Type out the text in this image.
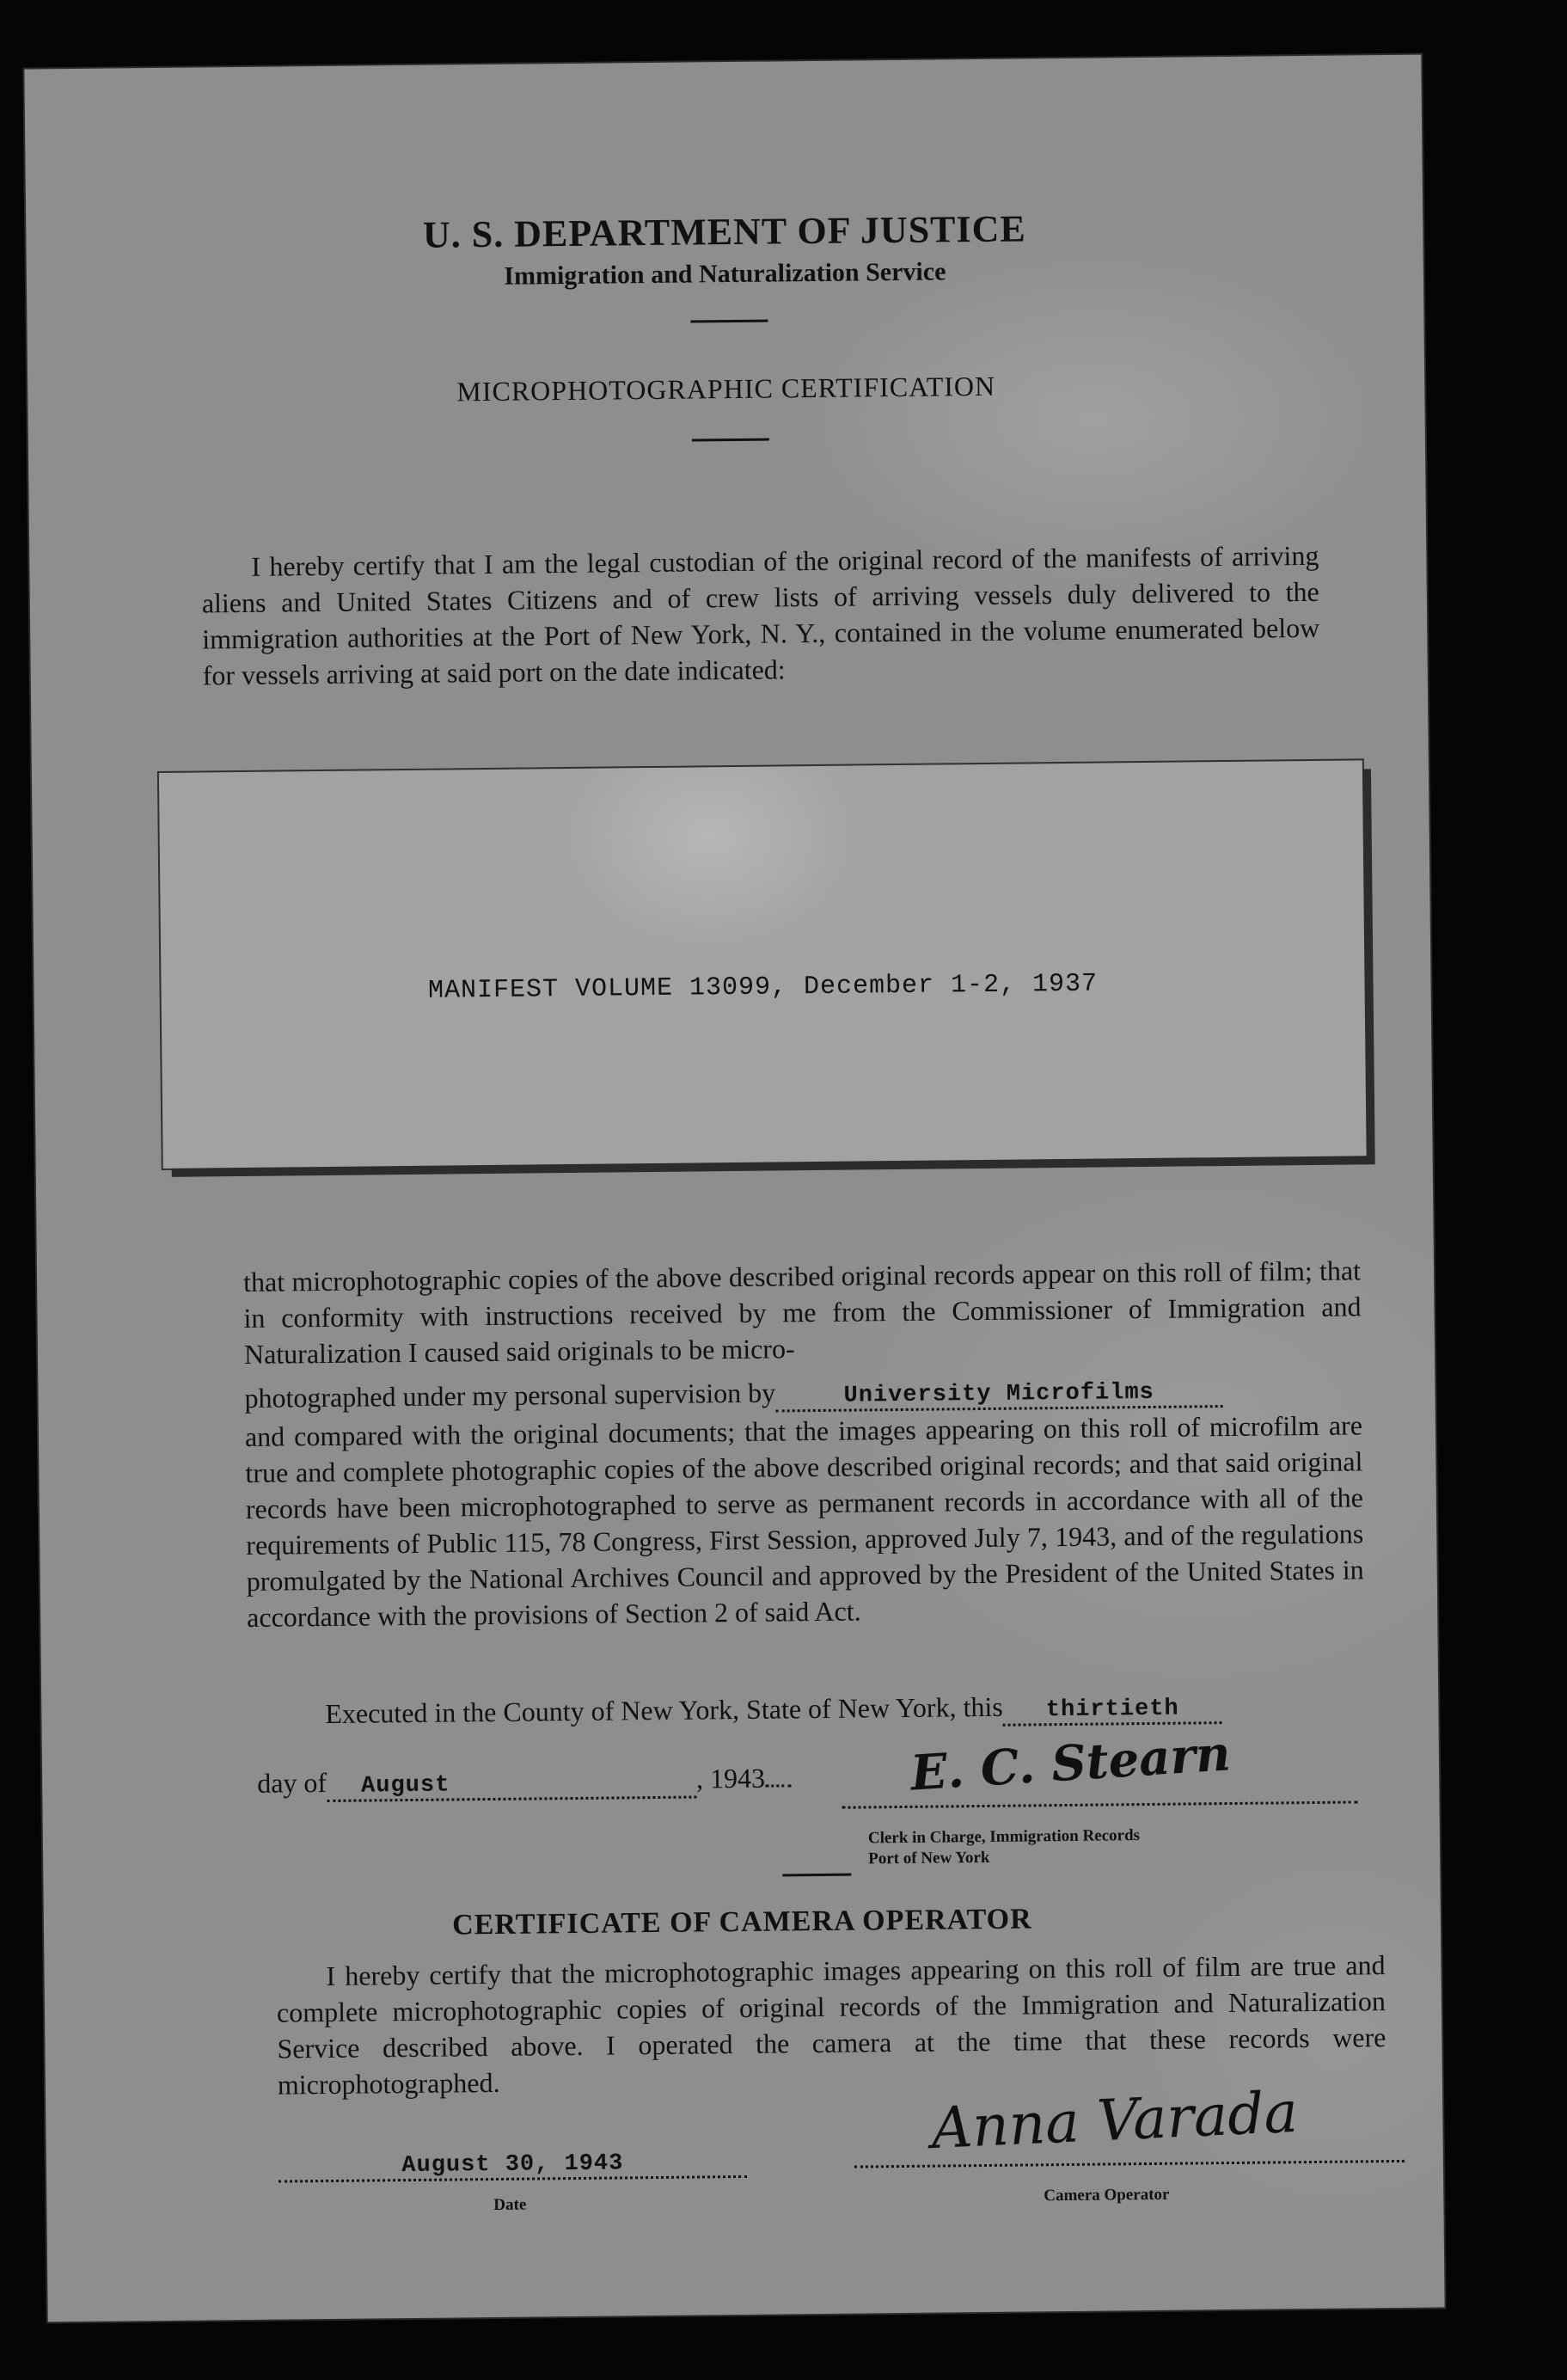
U. S. DEPARTMENT OF JUSTICE
Immigration and Naturalization Service
MICROPHOTOGRAPHIC CERTIFICATION
I hereby certify that I am the legal custodian of the original record of the manifests of arriving aliens and United States Citizens and of crew lists of arriving vessels duly delivered to the immigration authorities at the Port of New York, N. Y., contained in the volume enumerated below for vessels arriving at said port on the date indicated:
MANIFEST VOLUME 13099, December 1-2, 1937
that microphotographic copies of the above described original records appear on this roll of film; that in conformity with instructions received by me from the Commissioner of Immigration and Naturalization I caused said originals to be micro-
photographed under my personal supervision by	University Microfilms
and compared with the original documents; that the images appearing on this roll of microfilm are true and complete photographic copies of the above described original records; and that said original records have been microphotographed to serve as permanent records in accordance with all of the requirements of Public 115, 78 Congress, First Session, approved July 7, 1943, and of the regulations promulgated by the National Archives Council and approved by the President of the United States in accordance with the provisions of Section 2 of said Act.
Executed in the County of New York, State of New York, this thirtieth
day of August	, 1943	E. C. Stearn
Clerk in Charge, Immigration Records
Port of New York
CERTIFICATE OF CAMERA OPERATOR
I hereby certify that the microphotographic images appearing on this roll of film are true and complete microphotographic copies of original records of the Immigration and Naturalization Service described above. I operated the camera at the time that these records were microphotographed.
August 30, 1943
Date
Anna Varada
Camera Operator
